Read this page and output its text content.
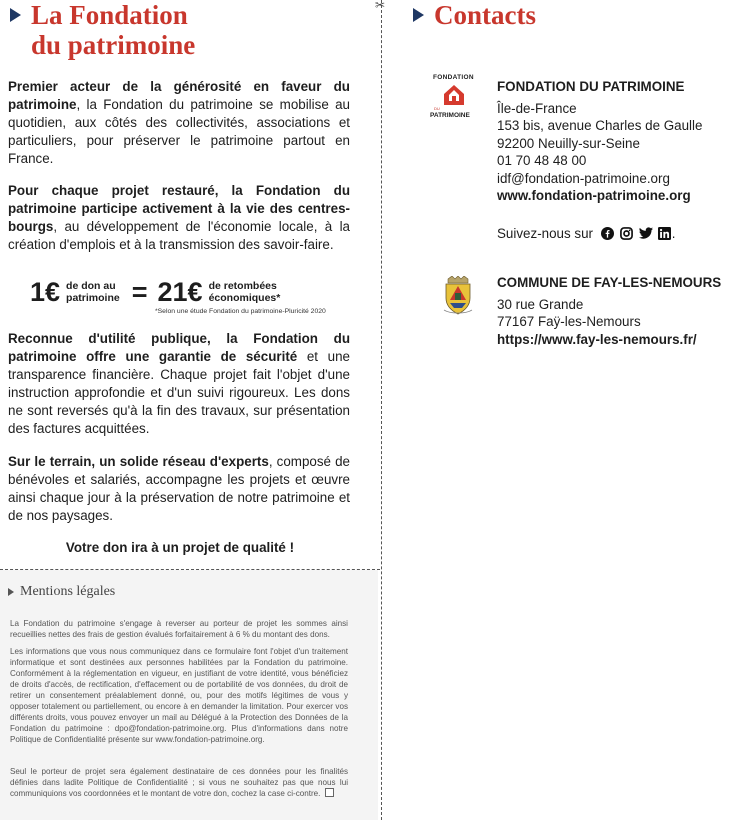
La Fondation
du patrimoine

Premier acteur de la générosité en faveur du patrimoine, la Fondation du patrimoine se mobilise au quotidien, aux côtés des collectivités, associations et particuliers, pour préserver le patrimoine partout en France.

Pour chaque projet restauré, la Fondation du patrimoine participe activement à la vie des centres-bourgs, au développement de l'économie locale, à la création d'emplois et à la transmission des savoir-faire.

1€ de don au
patrimoine = 21€ de retombées
économiques*
*Selon une étude Fondation du patrimoine-Pluricité 2020

Reconnue d'utilité publique, la Fondation du patrimoine offre une garantie de sécurité et une transparence financière. Chaque projet fait l'objet d'une instruction approfondie et d'un suivi rigoureux. Les dons ne sont reversés qu'à la fin des travaux, sur présentation des factures acquittées.

Sur le terrain, un solide réseau d'experts, composé de bénévoles et salariés, accompagne les projets et œuvre ainsi chaque jour à la préservation de notre patrimoine et de nos paysages.

Votre don ira à un projet de qualité !
✂
Mentions légales

La Fondation du patrimoine s'engage à reverser au porteur de projet les sommes ainsi recueillies nettes des frais de gestion évalués forfaitairement à 6 % du montant des dons.

Les informations que vous nous communiquez dans ce formulaire font l'objet d'un traitement informatique et sont destinées aux personnes habilitées par la Fondation du patrimoine. Conformément à la réglementation en vigueur, en justifiant de votre identité, vous bénéficiez de droits d'accès, de rectification, d'effacement ou de portabilité de vos données, du droit de retirer un consentement préalablement donné, ou, pour des motifs légitimes de vous y opposer totalement ou partiellement, ou encore à en demander la limitation. Pour exercer vos différents droits, vous pouvez envoyer un mail au Délégué à la Protection des Données de la Fondation du patrimoine : dpo@fondation-patrimoine.org. Plus d'informations dans notre Politique de Confidentialité présente sur www.fondation-patrimoine.org.

Seul le porteur de projet sera également destinataire de ces données pour les finalités définies dans ladite Politique de Confidentialité ; si vous ne souhaitez pas que nous lui communiquions vos coordonnées et le montant de votre don, cochez la case ci-contre.

Contacts
FONDATION
DU
PATRIMOINE
FONDATION DU PATRIMOINE
Île-de-France
153 bis, avenue Charles de Gaulle
92200 Neuilly-sur-Seine
01 70 48 48 00
idf@fondation-patrimoine.org
www.fondation-patrimoine.org
Suivez-nous sur	.
COMMUNE DE FAY-LES-NEMOURS
30 rue Grande
77167 Faÿ-les-Nemours
https://www.fay-les-nemours.fr/
